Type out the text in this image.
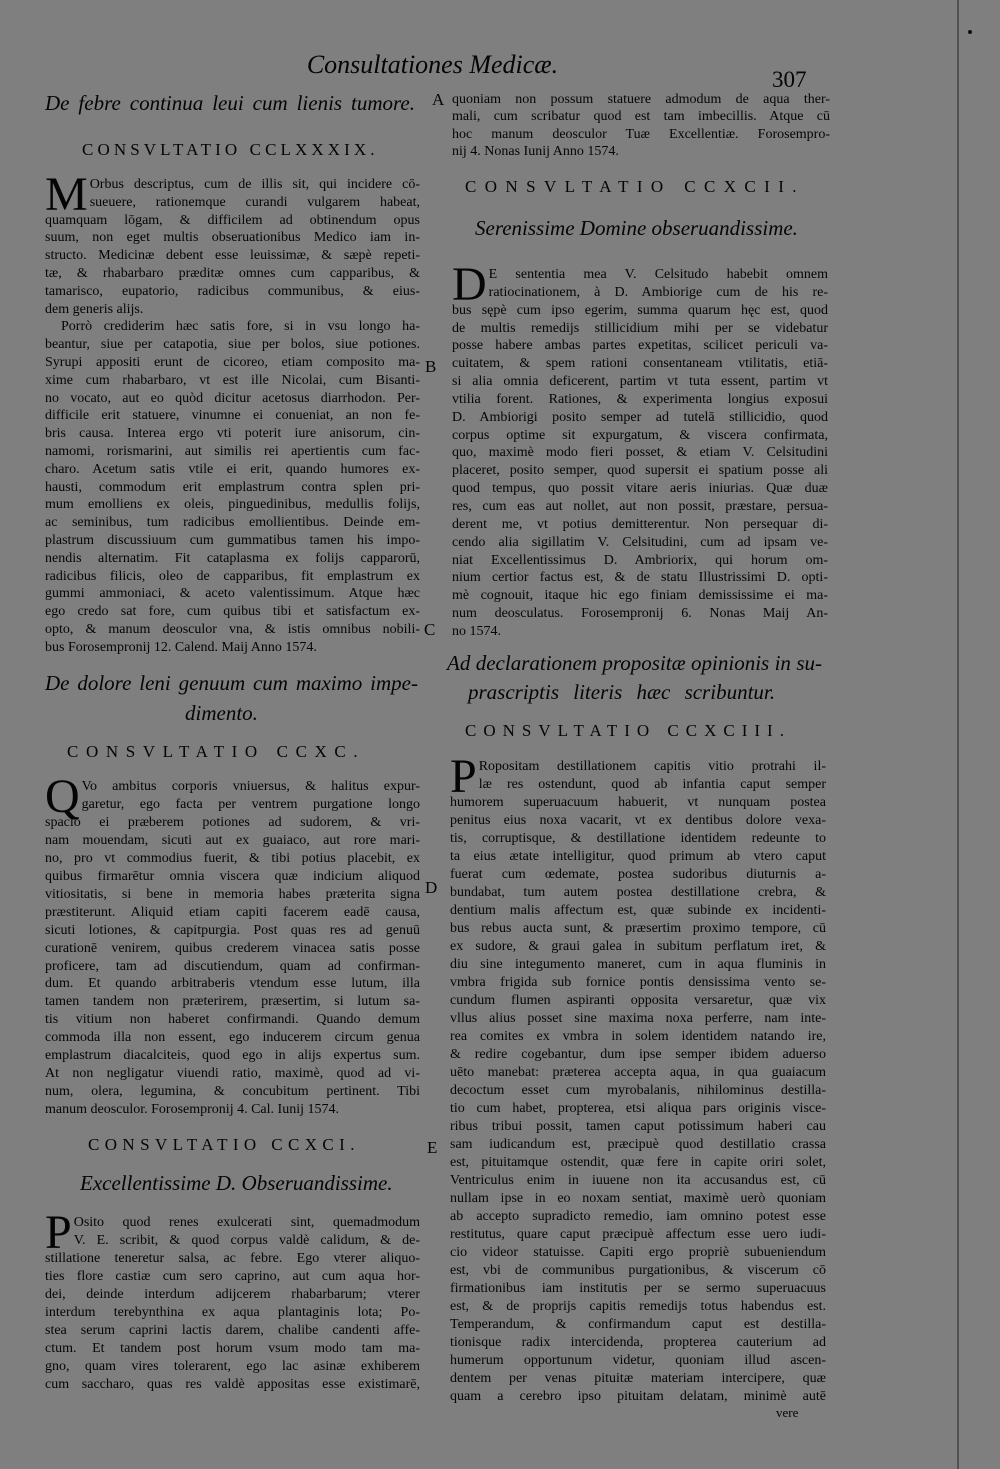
Consultationes Medicæ.
307
A
B
C
D
E
De febre continua leui cum lienis tumore.
CONSVLTATIO CCLXXXIX.
M Orbus descriptus, cum de illis sit, qui incidere cō-
sueuere, rationemque curandi vulgarem habeat,
quamquam lōgam, & difficilem ad obtinendum opus
suum, non eget multis obseruationibus Medico iam in-
structo. Medicinæ debent esse leuissimæ, & sæpè repeti-
tæ, & rhabarbaro præditæ omnes cum capparibus, &
tamarisco, eupatorio, radicibus communibus, & eius-
dem generis alijs.
Porrò crediderim hæc satis fore, si in vsu longo ha-
beantur, siue per catapotia, siue per bolos, siue potiones.
Syrupi appositi erunt de cicoreo, etiam composito ma-
xime cum rhabarbaro, vt est ille Nicolai, cum Bisanti-
no vocato, aut eo quòd dicitur acetosus diarrhodon. Per-
difficile erit statuere, vinumne ei conueniat, an non fe-
bris causa. Interea ergo vti poterit iure anisorum, cin-
namomi, rorismarini, aut similis rei apertientis cum fac-
charo. Acetum satis vtile ei erit, quando humores ex-
hausti, commodum erit emplastrum contra splen pri-
mum emolliens ex oleis, pinguedinibus, medullis folijs,
ac seminibus, tum radicibus emollientibus. Deinde em-
plastrum discussiuum cum gummatibus tamen his impo-
nendis alternatim. Fit cataplasma ex folijs capparorū,
radicibus filicis, oleo de capparibus, fit emplastrum ex
gummi ammoniaci, & aceto valentissimum. Atque hæc
ego credo sat fore, cum quibus tibi et satisfactum ex-
opto, & manum deosculor vna, & istis omnibus nobili-
bus Forosempronij 12. Calend. Maij Anno 1574.
De dolore leni genuum cum maximo impe-
dimento.
CONSVLTATIO CCXC.
Q Vo ambitus corporis vniuersus, & halitus expur-
garetur, ego facta per ventrem purgatione longo
spacio ei præberem potiones ad sudorem, & vri-
nam mouendam, sicuti aut ex guaiaco, aut rore mari-
no, pro vt commodius fuerit, & tibi potius placebit, ex
quibus firmarētur omnia viscera quæ indicium aliquod
vitiositatis, si bene in memoria habes præterita signa
præstiterunt. Aliquid etiam capiti facerem eadē causa,
sicuti lotiones, & capitpurgia. Post quas res ad genuū
curationē venirem, quibus crederem vinacea satis posse
proficere, tam ad discutiendum, quam ad confirman-
dum. Et quando arbitraberis vtendum esse lutum, illa
tamen tandem non præterirem, præsertim, si lutum sa-
tis vitium non haberet confirmandi. Quando demum
commoda illa non essent, ego inducerem circum genua
emplastrum diacalciteis, quod ego in alijs expertus sum.
At non negligatur viuendi ratio, maximè, quod ad vi-
num, olera, legumina, & concubitum pertinent. Tibi
manum deosculor. Forosempronij 4. Cal. Iunij 1574.
CONSVLTATIO CCXCI.
Excellentissime D. Obseruandissime.
P Osito quod renes exulcerati sint, quemadmodum
V. E. scribit, & quod corpus valdè calidum, & de-
stillatione teneretur salsa, ac febre. Ego vterer aliquo-
ties flore castiæ cum sero caprino, aut cum aqua hor-
dei, deinde interdum adijcerem rhabarbarum; vterer
interdum terebynthina ex aqua plantaginis lota; Po-
stea serum caprini lactis darem, chalibe candenti affe-
ctum. Et tandem post horum vsum modo tam ma-
gno, quam vires tolerarent, ego lac asinæ exhiberem
cum saccharo, quas res valdè appositas esse existimarē,
quoniam non possum statuere admodum de aqua ther-
mali, cum scribatur quod est tam imbecillis. Atque cū
hoc manum deosculor Tuæ Excellentiæ. Forosempro-
nij 4. Nonas Iunij Anno 1574.
CONSVLTATIO CCXCII.
Serenissime Domine obseruandissime.
D E sententia mea V. Celsitudo habebit omnem
ratiocinationem, à D. Ambiorige cum de his re-
bus sępè cum ipso egerim, summa quarum hęc est, quod
de multis remedijs stillicidium mihi per se videbatur
posse habere ambas partes expetitas, scilicet periculi va-
cuitatem, & spem rationi consentaneam vtilitatis, etiā-
si alia omnia deficerent, partim vt tuta essent, partim vt
vtilia forent. Rationes, & experimenta longius exposui
D. Ambiorigi posito semper ad tutelā stillicidio, quod
corpus optime sit expurgatum, & viscera confirmata,
quo, maximè modo fieri posset, & etiam V. Celsitudini
placeret, posito semper, quod supersit ei spatium posse ali
quod tempus, quo possit vitare aeris iniurias. Quæ duæ
res, cum eas aut nollet, aut non possit, præstare, persua-
derent me, vt potius demitterentur. Non persequar di-
cendo alia sigillatim V. Celsitudini, cum ad ipsam ve-
niat Excellentissimus D. Ambriorix, qui horum om-
nium certior factus est, & de statu Illustrissimi D. opti-
mè cognouit, itaque hic ego finiam demississime ei ma-
num deosculatus. Forosempronij 6. Nonas Maij An-
no 1574.
Ad declarationem propositæ opinionis in su-
prascriptis literis hæc scribuntur.
CONSVLTATIO CCXCIII.
P Ropositam destillationem capitis vitio protrahi il-
læ res ostendunt, quod ab infantia caput semper
humorem superuacuum habuerit, vt nunquam postea
penitus eius noxa vacarit, vt ex dentibus dolore vexa-
tis, corruptisque, & destillatione identidem redeunte to
ta eius ætate intelligitur, quod primum ab vtero caput
fuerat cum œdemate, postea sudoribus diuturnis a-
bundabat, tum autem postea destillatione crebra, &
dentium malis affectum est, quæ subinde ex incidenti-
bus rebus aucta sunt, & præsertim proximo tempore, cū
ex sudore, & graui galea in subitum perflatum iret, &
diu sine integumento maneret, cum in aqua fluminis in
vmbra frigida sub fornice pontis densissima vento se-
cundum flumen aspiranti opposita versaretur, quæ vix
vllus alius posset sine maxima noxa perferre, nam inte-
rea comites ex vmbra in solem identidem natando ire,
& redire cogebantur, dum ipse semper ibidem aduerso
uēto manebat: præterea accepta aqua, in qua guaiacum
decoctum esset cum myrobalanis, nihilominus destilla-
tio cum habet, propterea, etsi aliqua pars originis visce-
ribus tribui possit, tamen caput potissimum haberi cau
sam iudicandum est, præcipuè quod destillatio crassa
est, pituitamque ostendit, quæ fere in capite oriri solet,
Ventriculus enim in iuuene non ita accusandus est, cū
nullam ipse in eo noxam sentiat, maximè uerò quoniam
ab accepto supradicto remedio, iam omnino potest esse
restitutus, quare caput præcipuè affectum esse uero iudi-
cio videor statuisse. Capiti ergo propriè subueniendum
est, vbi de communibus purgationibus, & viscerum cō
firmationibus iam institutis per se sermo superuacuus
est, & de proprijs capitis remedijs totus habendus est.
Temperandum, & confirmandum caput est destilla-
tionisque radix intercidenda, propterea cauterium ad
humerum opportunum videtur, quoniam illud ascen-
dentem per venas pituitæ materiam intercipere, quæ
quam a cerebro ipso pituitam delatam, minimè autē
vere
